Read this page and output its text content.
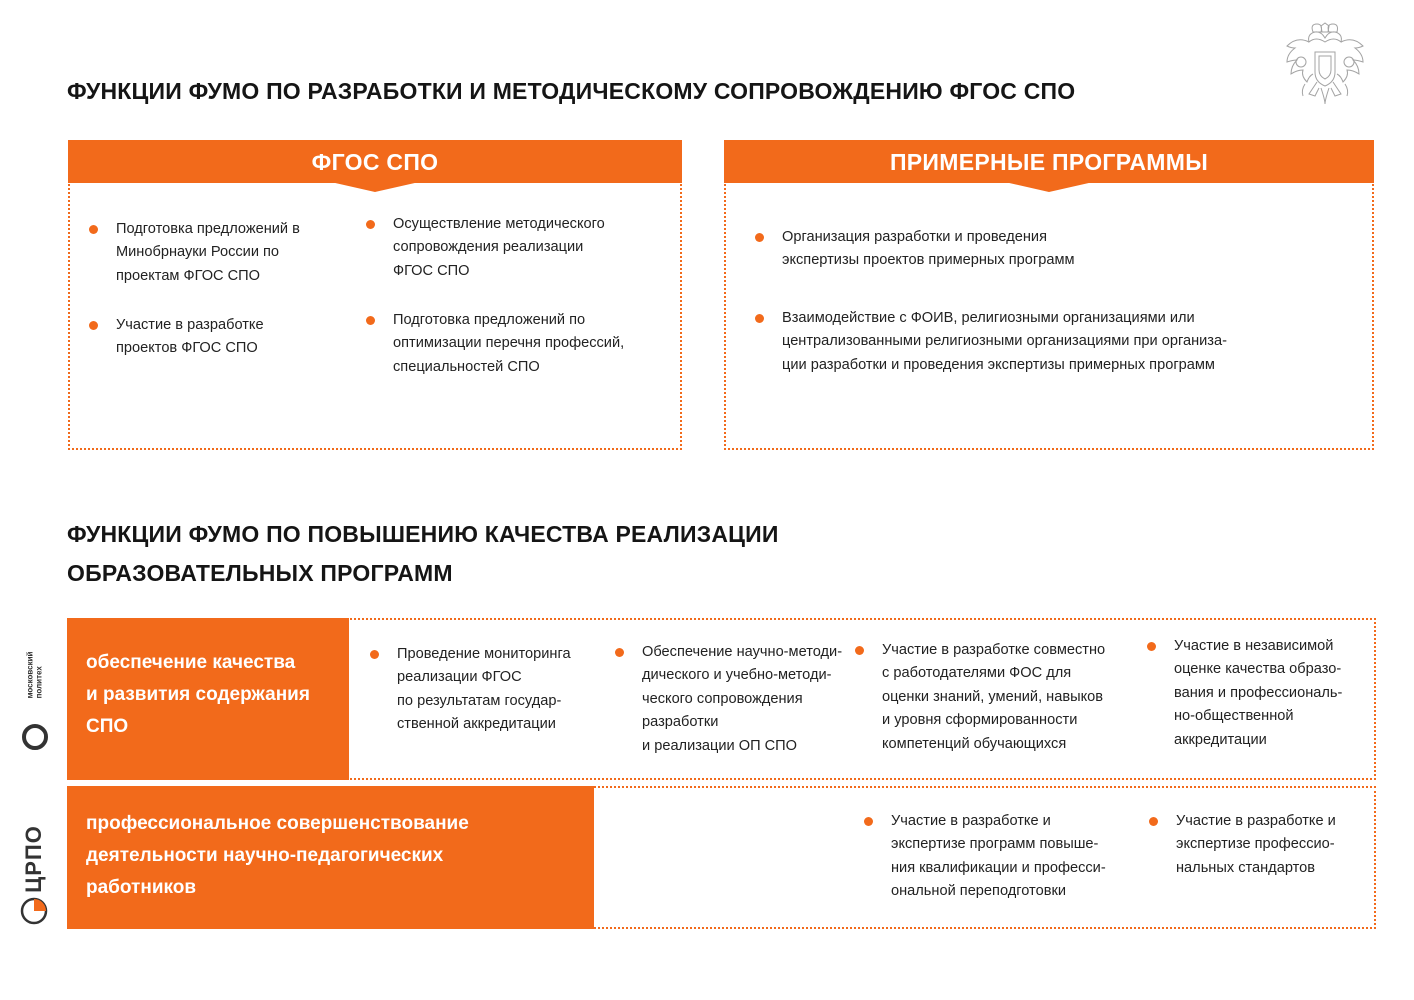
ФУНКЦИИ ФУМО ПО РАЗРАБОТКИ И МЕТОДИЧЕСКОМУ СОПРОВОЖДЕНИЮ ФГОС СПО
ФГОС СПО

Подготовка предложений в

Минобрнауки России по

проектам ФГОС СПО

Участие в разработке

проектов ФГОС СПО

Осуществление методического

сопровождения реализации

ФГОС СПО

Подготовка предложений по

оптимизации перечня профессий,

специальностей СПО

ПРИМЕРНЫЕ ПРОГРАММЫ

Организация разработки и проведения

экспертизы проектов примерных программ

Взаимодействие с ФОИВ, религиозными организациями или

централизованными религиозными организациями при организа-

ции разработки и проведения экспертизы примерных программ

ФУНКЦИИ ФУМО ПО ПОВЫШЕНИЮ КАЧЕСТВА РЕАЛИЗАЦИИ
ОБРАЗОВАТЕЛЬНЫХ ПРОГРАММ

обеспечение качества

и развития содержания

СПО

Проведение мониторинга

реализации ФГОС

по результатам государ-

ственной аккредитации

Обеспечение научно-методи-

дического и учебно-методи-

ческого сопровождения

разработки

и реализации ОП СПО

Участие в разработке совместно

с работодателями ФОС для

оценки знаний, умений, навыков

и уровня сформированности

компетенций обучающихся

Участие в независимой

оценке качества образо-

вания и профессиональ-

но-общественной

аккредитации

профессиональное совершенствование

деятельности научно-педагогических

работников

Участие в разработке и

экспертизе программ повыше-

ния квалификации и професси-

ональной переподготовки

Участие в разработке и

экспертизе профессио-

нальных стандартов

московский политех
ЦРПО
